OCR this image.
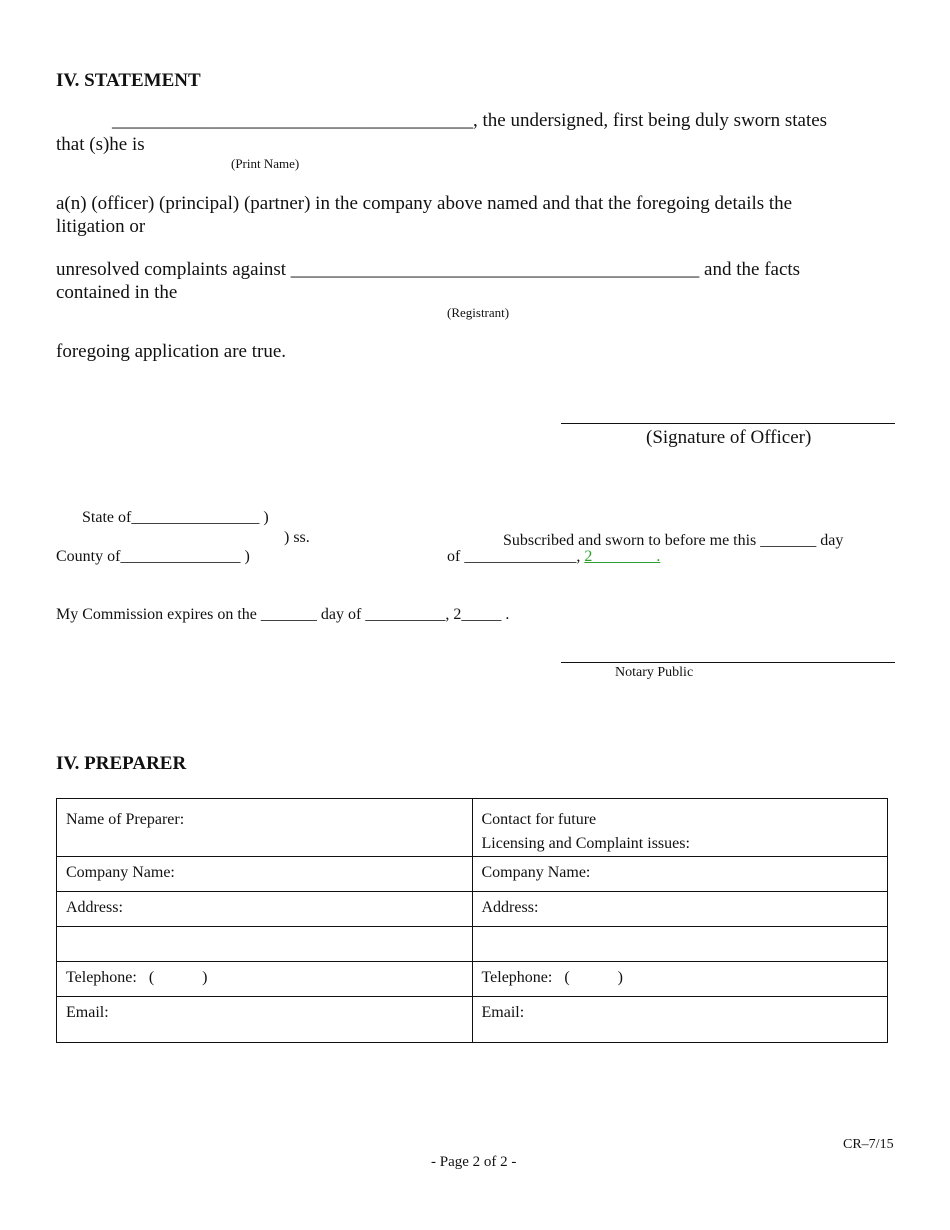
IV. STATEMENT
______________________________________, the undersigned, first being duly sworn states
that (s)he is
(Print Name)
a(n) (officer) (principal) (partner) in the company above named and that the foregoing details the
litigation or
unresolved complaints against ___________________________________________ and the facts
contained in the
(Registrant)
foregoing application are true.
(Signature of Officer)
State of________________ )
) ss.
County of_______________ )
Subscribed and sworn to before me this _______ day
of ______________, 2________.
My Commission expires on the _______ day of __________, 2_____ .
Notary Public
IV. PREPARER
Name of Preparer:	Contact for future
Licensing and Complaint issues:

Company Name:	Company Name:
Address:	Address:

Telephone:   (            )	Telephone:   (            )
Email:	Email:
CR–7/15
- Page 2 of 2 -
